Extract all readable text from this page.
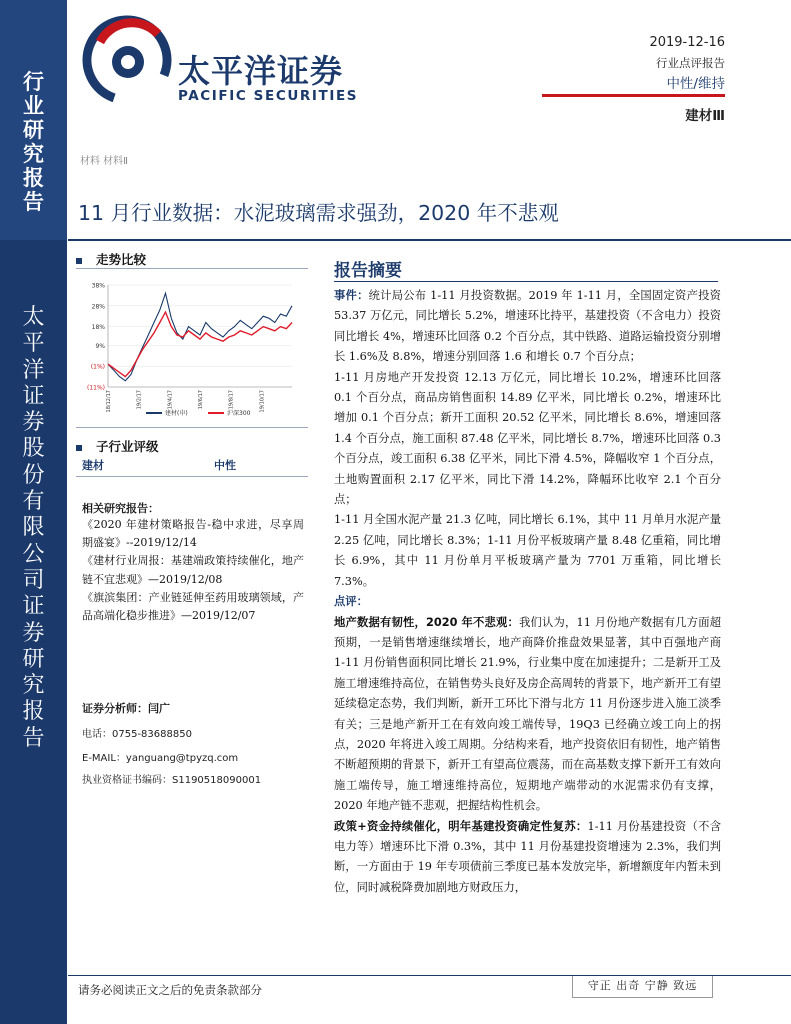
行
业
研
究
报
告
太
平
洋
证
券
股
份
有
限
公
司
证
券
研
究
报
告
太平洋证券
PACIFIC SECURITIES
2019-12-16
行业点评报告
中性/维持
建材Ⅲ
材料 材料Ⅱ
11 月行业数据：水泥玻璃需求强劲，2020 年不悲观
走势比较
38%
28%
18%
9%
(1%)
(11%)
18/12/17	19/2/17	19/4/17	19/6/17	19/8/17	19/10/17
建材(申)	沪深300
子行业评级
建材	中性
相关研究报告：
《2020 年建材策略报告-稳中求进，尽享周期盛宴》--2019/12/14
《建材行业周报：基建端政策持续催化，地产链不宜悲观》—2019/12/08
《旗滨集团：产业链延伸至药用玻璃领域，产品高端化稳步推进》—2019/12/07
证券分析师：闫广
电话：0755-83688850
E-MAIL：yanguang@tpyzq.com
执业资格证书编码：S1190518090001
报告摘要

事件：统计局公布 1-11 月投资数据。2019 年 1-11 月，全国固定资产投资 53.37 万亿元，同比增长 5.2%，增速环比持平，基建投资（不含电力）投资同比增长 4%，增速环比回落 0.2 个百分点，其中铁路、道路运输投资分别增长 1.6%及 8.8%，增速分别回落 1.6 和增长 0.7 个百分点；

1-11 月房地产开发投资 12.13 万亿元，同比增长 10.2%，增速环比回落 0.1 个百分点，商品房销售面积 14.89 亿平米，同比增长 0.2%，增速环比增加 0.1 个百分点；新开工面积 20.52 亿平米，同比增长 8.6%，增速回落 1.4 个百分点，施工面积 87.48 亿平米，同比增长 8.7%，增速环比回落 0.3 个百分点，竣工面积 6.38 亿平米，同比下滑 4.5%，降幅收窄 1 个百分点，土地购置面积 2.17 亿平米，同比下滑 14.2%，降幅环比收窄 2.1 个百分点；

1-11 月全国水泥产量 21.3 亿吨，同比增长 6.1%，其中 11 月单月水泥产量 2.25 亿吨，同比增长 8.3%；1-11 月份平板玻璃产量 8.48 亿重箱，同比增长 6.9%，其中 11 月份单月平板玻璃产量为 7701 万重箱，同比增长 7.3%。

点评：

地产数据有韧性，2020 年不悲观：我们认为，11 月份地产数据有几方面超预期，一是销售增速继续增长，地产商降价推盘效果显著，其中百强地产商 1-11 月份销售面积同比增长 21.9%，行业集中度在加速提升；二是新开工及施工增速维持高位，在销售势头良好及房企高周转的背景下，地产新开工有望延续稳定态势，我们判断，新开工环比下滑与北方 11 月份逐步进入施工淡季有关；三是地产新开工在有效向竣工端传导，19Q3 已经确立竣工向上的拐点，2020 年将进入竣工周期。分结构来看，地产投资依旧有韧性，地产销售不断超预期的背景下，新开工有望高位震荡，而在高基数支撑下新开工有效向施工端传导，施工增速维持高位，短期地产端带动的水泥需求仍有支撑，2020 年地产链不悲观，把握结构性机会。

政策+资金持续催化，明年基建投资确定性复苏：1-11 月份基建投资（不含电力等）增速环比下滑 0.3%，其中 11 月份基建投资增速为 2.3%，我们判断，一方面由于 19 年专项债前三季度已基本发放完毕，新增额度年内暂未到位，同时减税降费加剧地方财政压力，

请务必阅读正文之后的免责条款部分	守正 出奇 宁静 致远
